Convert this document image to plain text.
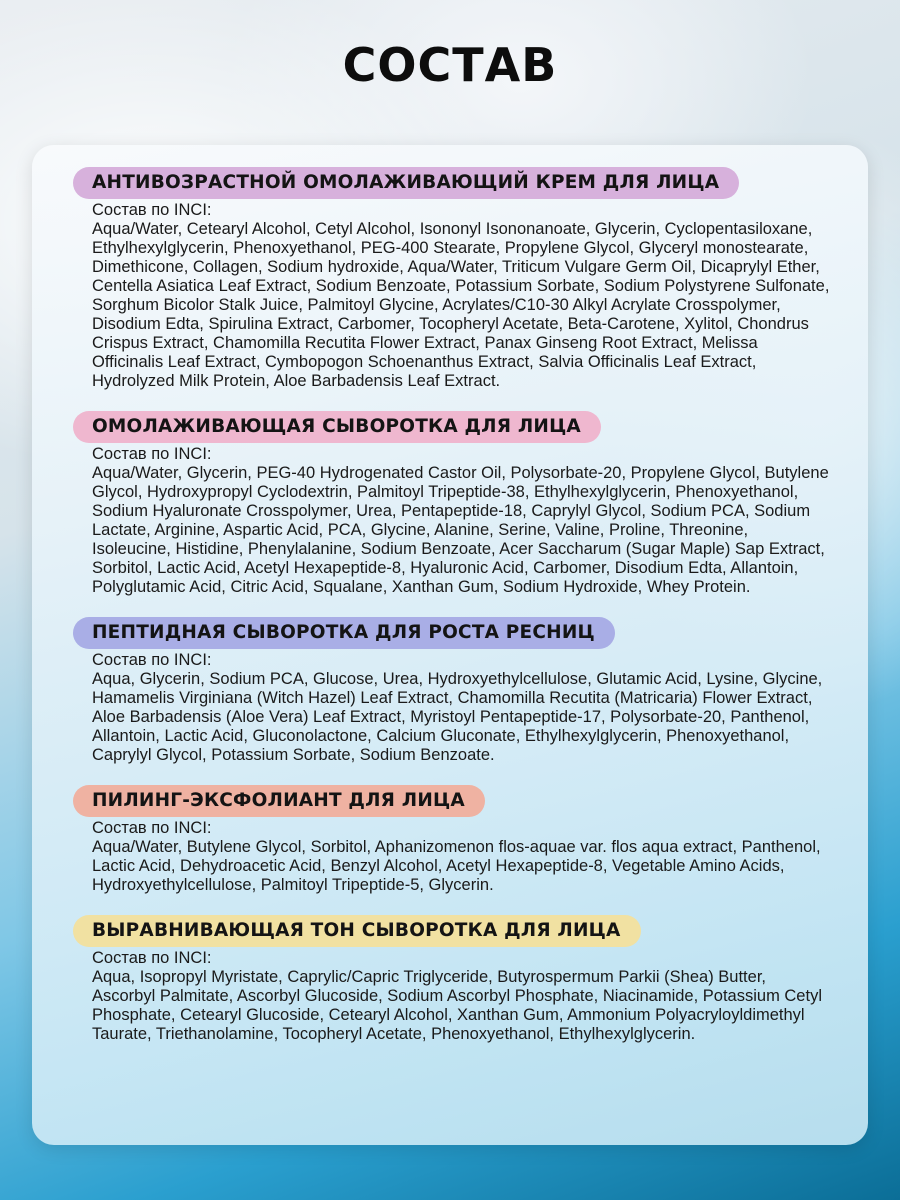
СОСТАВ
АНТИВОЗРАСТНОЙ ОМОЛАЖИВАЮЩИЙ КРЕМ ДЛЯ ЛИЦА
Состав по INCI:
Aqua/Water, Cetearyl Alcohol, Cetyl Alcohol, Isononyl Isononanoate, Glycerin, Cyclopentasiloxane, Ethylhexylglycerin, Phenoxyethanol, PEG-400 Stearate, Propylene Glycol, Glyceryl monostearate, Dimethicone, Collagen, Sodium hydroxide, Aqua/Water, Triticum Vulgare Germ Oil, Dicaprylyl Ether, Centella Asiatica Leaf Extract, Sodium Benzoate, Potassium Sorbate, Sodium Polystyrene Sulfonate, Sorghum Bicolor Stalk Juice, Palmitoyl Glycine, Acrylates/C10-30 Alkyl Acrylate Crosspolymer, Disodium Edta, Spirulina Extract, Carbomer, Tocopheryl Acetate, Beta-Carotene, Xylitol, Chondrus Crispus Extract, Chamomilla Recutita Flower Extract, Panax Ginseng Root Extract, Melissa Officinalis Leaf Extract, Cymbopogon Schoenanthus Extract, Salvia Officinalis Leaf Extract, Hydrolyzed Milk Protein, Aloe Barbadensis Leaf Extract.
ОМОЛАЖИВАЮЩАЯ СЫВОРОТКА ДЛЯ ЛИЦА
Состав по INCI:
Aqua/Water, Glycerin, PEG-40 Hydrogenated Castor Oil, Polysorbate-20, Propylene Glycol, Butylene Glycol, Hydroxypropyl Cyclodextrin, Palmitoyl Tripeptide-38, Ethylhexylglycerin, Phenoxyethanol, Sodium Hyaluronate Crosspolymer, Urea, Pentapeptide-18, Caprylyl Glycol, Sodium PCA, Sodium Lactate, Arginine, Aspartic Acid, PCA, Glycine, Alanine, Serine, Valine, Proline, Threonine, Isoleucine, Histidine, Phenylalanine, Sodium Benzoate, Acer Saccharum (Sugar Maple) Sap Extract, Sorbitol, Lactic Acid, Acetyl Hexapeptide-8, Hyaluronic Acid, Carbomer, Disodium Edta, Allantoin, Polyglutamic Acid, Citric Acid, Squalane, Xanthan Gum, Sodium Hydroxide, Whey Protein.
ПЕПТИДНАЯ СЫВОРОТКА ДЛЯ РОСТА РЕСНИЦ
Состав по INCI:
Aqua, Glycerin, Sodium PCA, Glucose, Urea, Hydroxyethylcellulose, Glutamic Acid, Lysine, Glycine, Hamamelis Virginiana (Witch Hazel) Leaf Extract, Chamomilla Recutita (Matricaria) Flower Extract, Aloe Barbadensis (Aloe Vera) Leaf Extract, Myristoyl Pentapeptide-17, Polysorbate-20, Panthenol, Allantoin, Lactic Acid, Gluconolactone, Calcium Gluconate, Ethylhexylglycerin, Phenoxyethanol, Caprylyl Glycol, Potassium Sorbate, Sodium Benzoate.
ПИЛИНГ-ЭКСФОЛИАНТ ДЛЯ ЛИЦА
Состав по INCI:
Aqua/Water, Butylene Glycol, Sorbitol, Aphanizomenon flos-aquae var. flos aqua extract, Panthenol, Lactic Acid, Dehydroacetic Acid, Benzyl Alcohol, Acetyl Hexapeptide-8, Vegetable Amino Acids, Hydroxyethylcellulose, Palmitoyl Tripeptide-5, Glycerin.
ВЫРАВНИВАЮЩАЯ ТОН СЫВОРОТКА ДЛЯ ЛИЦА
Состав по INCI:
Aqua, Isopropyl Myristate, Caprylic/Capric Triglyceride, Butyrospermum Parkii (Shea) Butter, Ascorbyl Palmitate, Ascorbyl Glucoside, Sodium Ascorbyl Phosphate, Niacinamide, Potassium Cetyl Phosphate, Cetearyl Glucoside, Cetearyl Alcohol, Xanthan Gum, Ammonium Polyacryloyldimethyl Taurate, Triethanolamine, Tocopheryl Acetate, Phenoxyethanol, Ethylhexylglycerin.
